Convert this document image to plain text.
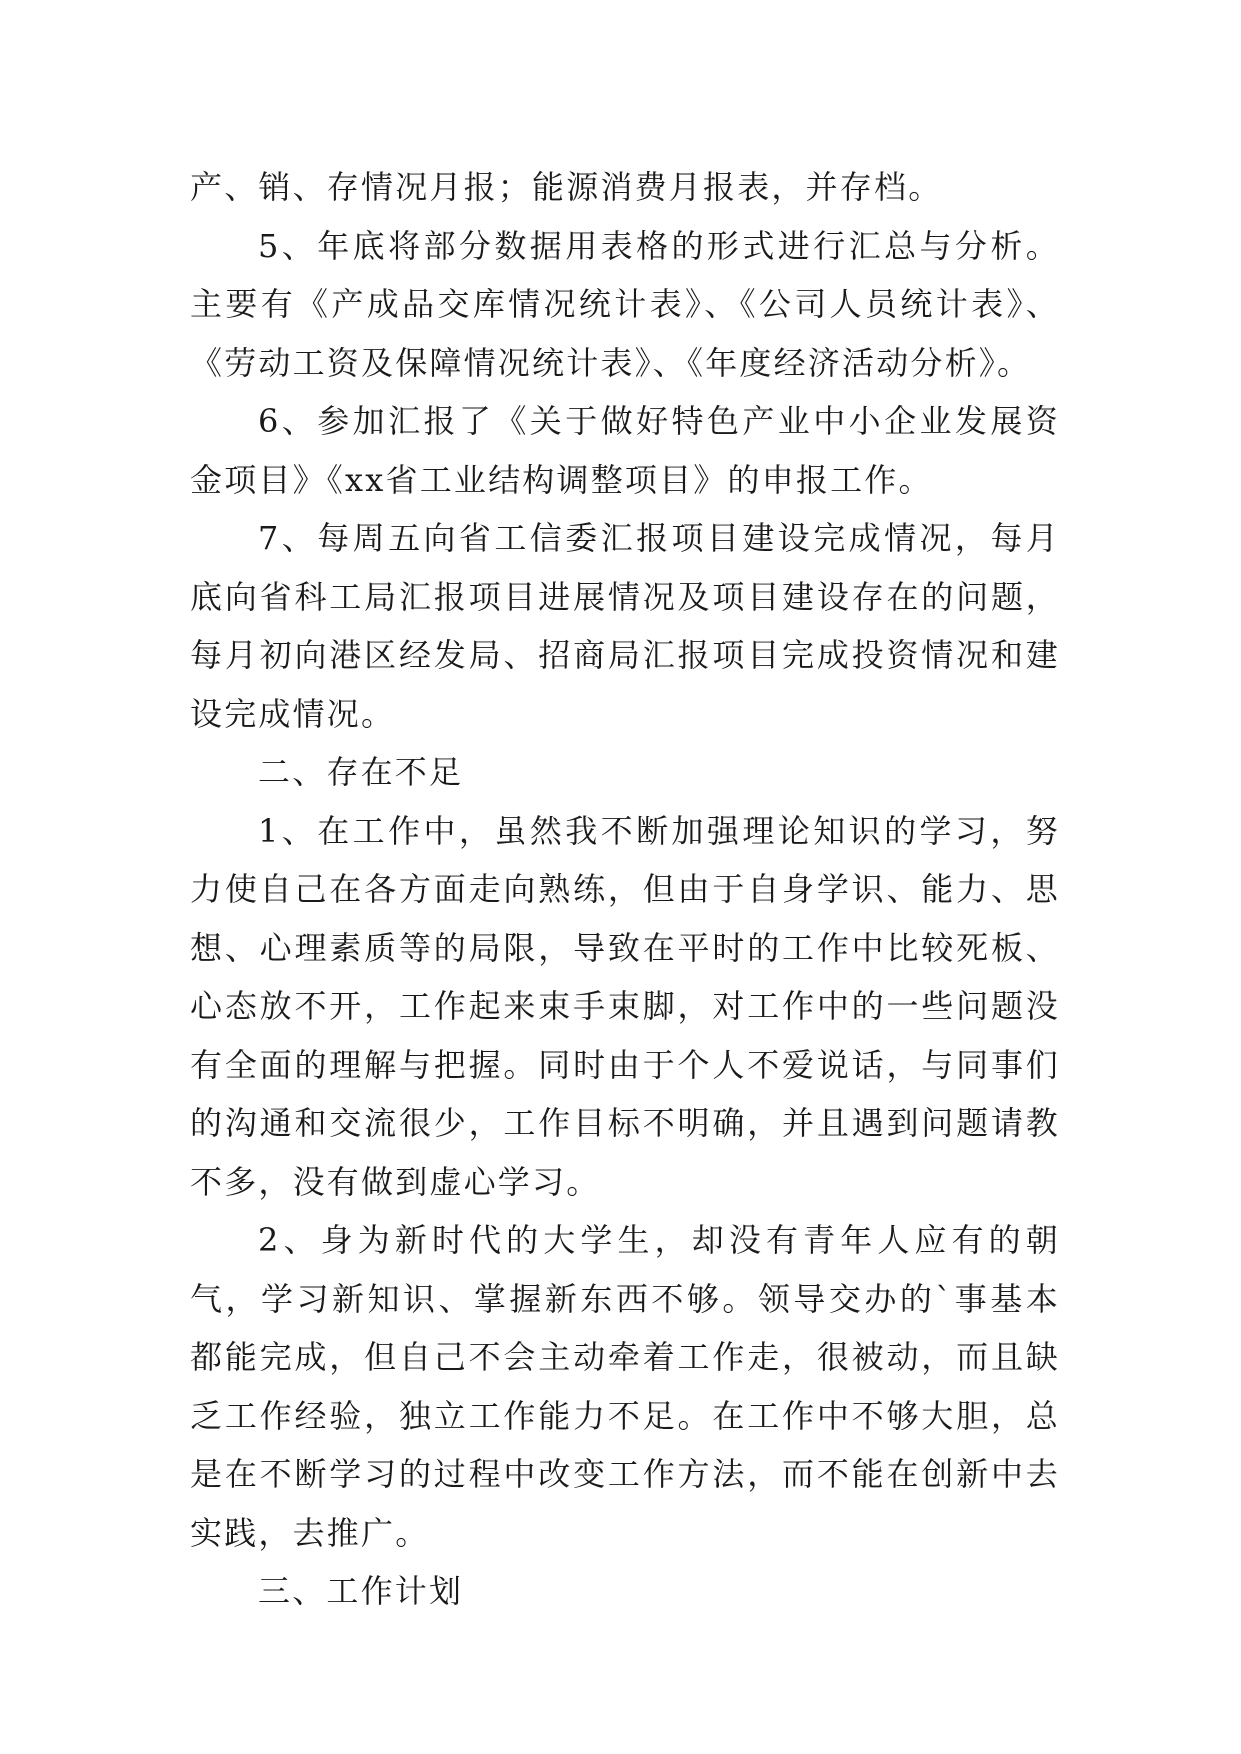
产、销、存情况月报；能源消费月报表，并存档。

5、年底将部分数据用表格的形式进行汇总与分析。主要有《产成品交库情况统计表》、《公司人员统计表》、《劳动工资及保障情况统计表》、《年度经济活动分析》。

6、参加汇报了《关于做好特色产业中小企业发展资金项目》《xx省工业结构调整项目》的申报工作。

7、每周五向省工信委汇报项目建设完成情况，每月底向省科工局汇报项目进展情况及项目建设存在的问题，每月初向港区经发局、招商局汇报项目完成投资情况和建设完成情况。

二、存在不足

1、在工作中，虽然我不断加强理论知识的学习，努力使自己在各方面走向熟练，但由于自身学识、能力、思想、心理素质等的局限，导致在平时的工作中比较死板、心态放不开，工作起来束手束脚，对工作中的一些问题没有全面的理解与把握。同时由于个人不爱说话，与同事们的沟通和交流很少，工作目标不明确，并且遇到问题请教不多，没有做到虚心学习。

2、身为新时代的大学生，却没有青年人应有的朝气，学习新知识、掌握新东西不够。领导交办的`事基本都能完成，但自己不会主动牵着工作走，很被动，而且缺乏工作经验，独立工作能力不足。在工作中不够大胆，总是在不断学习的过程中改变工作方法，而不能在创新中去实践，去推广。

三、工作计划
